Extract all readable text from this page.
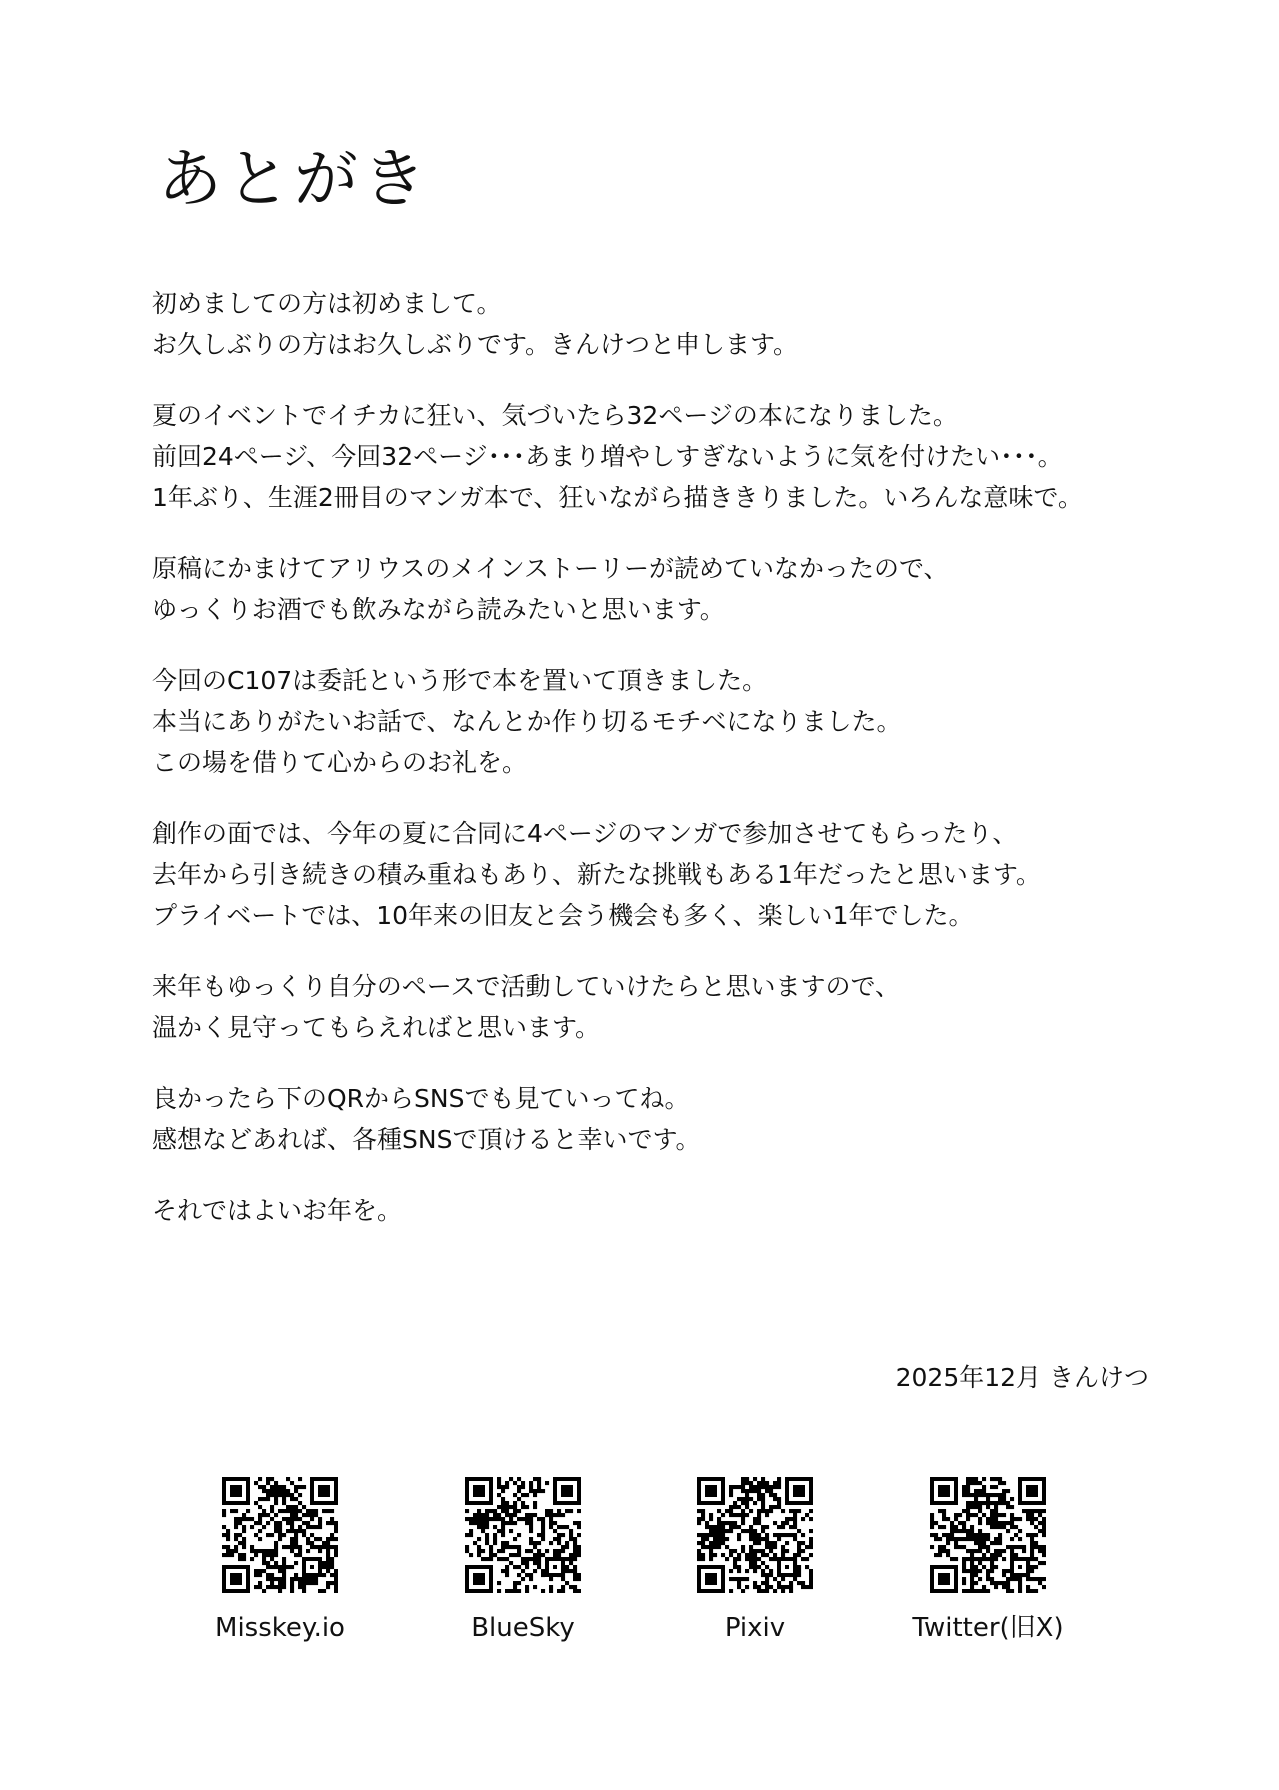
あとがき
初めましての方は初めまして。
お久しぶりの方はお久しぶりです。きんけつと申します。
夏のイベントでイチカに狂い、気づいたら32ページの本になりました。
前回24ページ、今回32ページ･･･あまり増やしすぎないように気を付けたい･･･。
1年ぶり、生涯2冊目のマンガ本で、狂いながら描ききりました。いろんな意味で。
原稿にかまけてアリウスのメインストーリーが読めていなかったので、
ゆっくりお酒でも飲みながら読みたいと思います。
今回のC107は委託という形で本を置いて頂きました。
本当にありがたいお話で、なんとか作り切るモチベになりました。
この場を借りて心からのお礼を。
創作の面では、今年の夏に合同に4ページのマンガで参加させてもらったり、
去年から引き続きの積み重ねもあり、新たな挑戦もある1年だったと思います。
プライベートでは、10年来の旧友と会う機会も多く、楽しい1年でした。
来年もゆっくり自分のペースで活動していけたらと思いますので、
温かく見守ってもらえればと思います。
良かったら下のQRからSNSでも見ていってね。
感想などあれば、各種SNSで頂けると幸いです。
それではよいお年を。
2025年12月 きんけつ
Misskey.io	BlueSky	Pixiv	Twitter(旧X)
